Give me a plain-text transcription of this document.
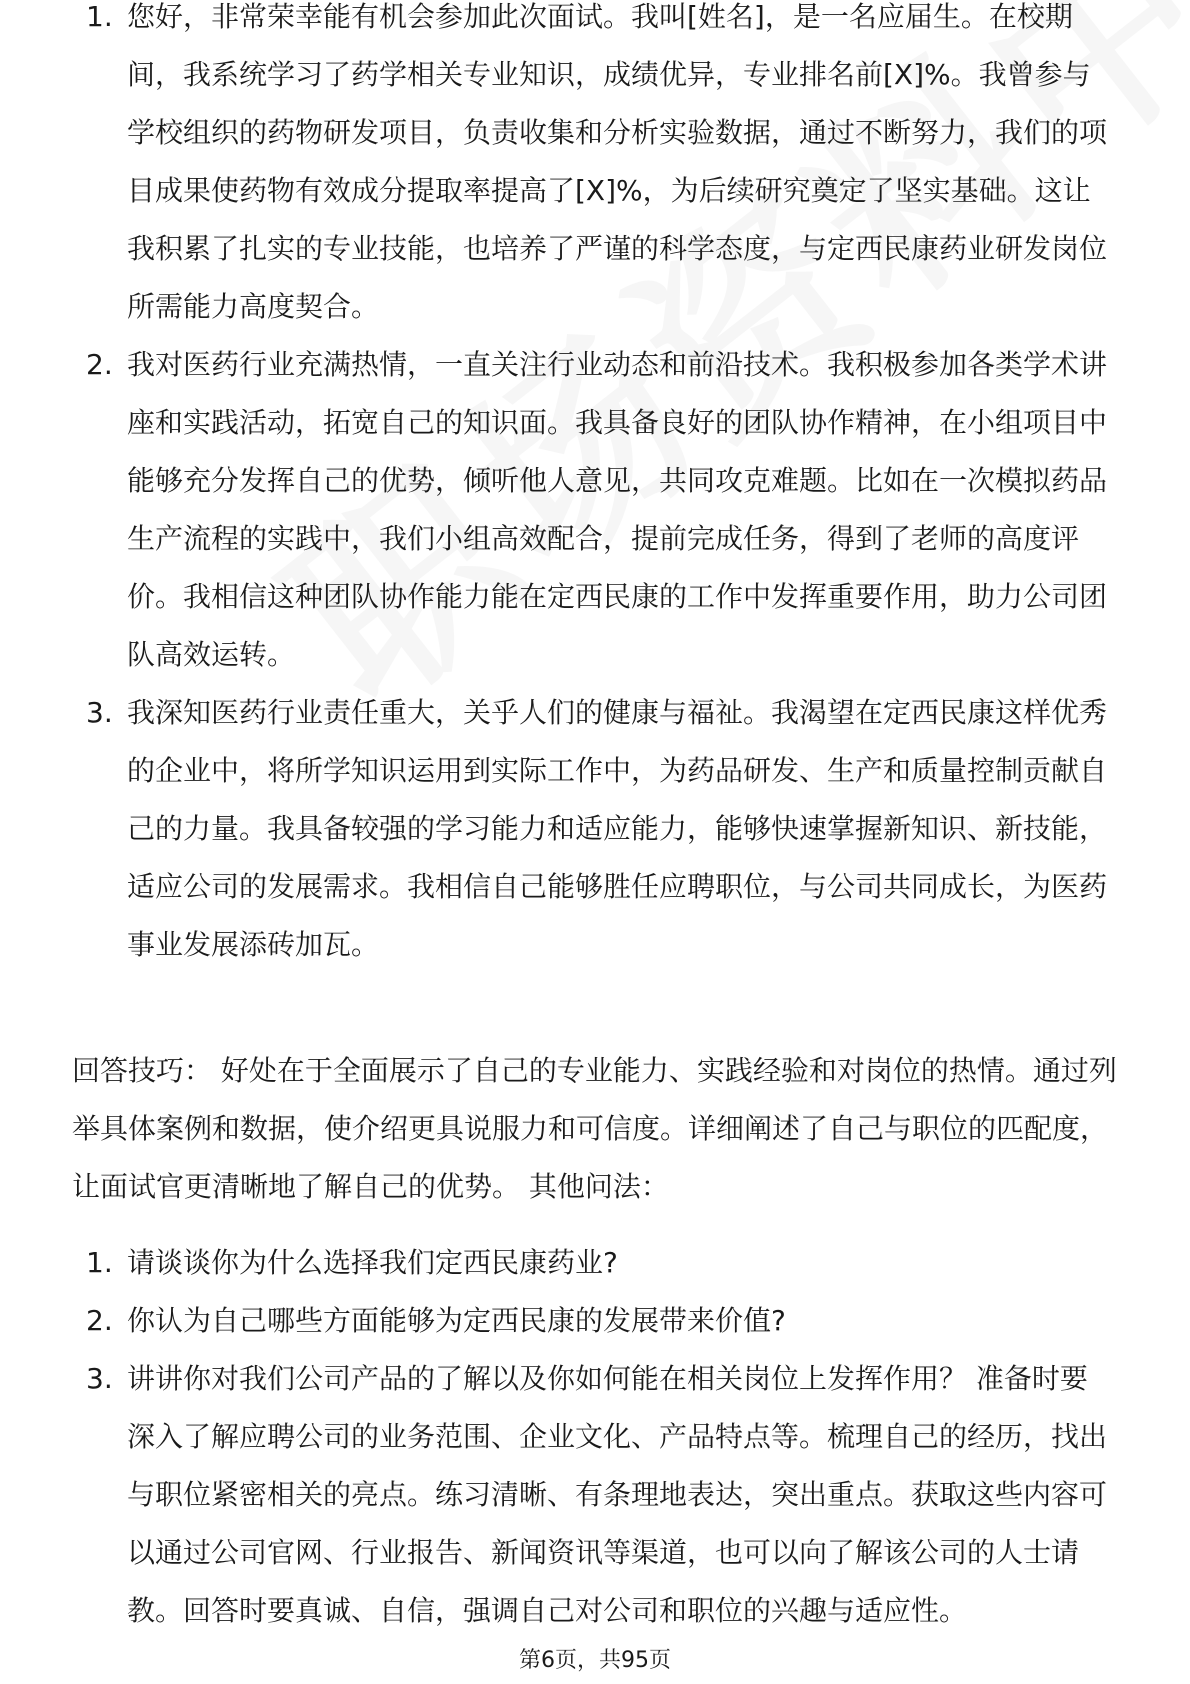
1. 您好，非常荣幸能有机会参加此次面试。我叫[姓名]，是一名应届生。在校期间，我系统学习了药学相关专业知识，成绩优异，专业排名前[X]%。我曾参与学校组织的药物研发项目，负责收集和分析实验数据，通过不断努力，我们的项目成果使药物有效成分提取率提高了[X]%，为后续研究奠定了坚实基础。这让我积累了扎实的专业技能，也培养了严谨的科学态度，与定西民康药业研发岗位所需能力高度契合。
2. 我对医药行业充满热情，一直关注行业动态和前沿技术。我积极参加各类学术讲座和实践活动，拓宽自己的知识面。我具备良好的团队协作精神，在小组项目中能够充分发挥自己的优势，倾听他人意见，共同攻克难题。比如在一次模拟药品生产流程的实践中，我们小组高效配合，提前完成任务，得到了老师的高度评价。我相信这种团队协作能力能在定西民康的工作中发挥重要作用，助力公司团队高效运转。
3. 我深知医药行业责任重大，关乎人们的健康与福祉。我渴望在定西民康这样优秀的企业中，将所学知识运用到实际工作中，为药品研发、生产和质量控制贡献自己的力量。我具备较强的学习能力和适应能力，能够快速掌握新知识、新技能，适应公司的发展需求。我相信自己能够胜任应聘职位，与公司共同成长，为医药事业发展添砖加瓦。

回答技巧： 好处在于全面展示了自己的专业能力、实践经验和对岗位的热情。通过列举具体案例和数据，使介绍更具说服力和可信度。详细阐述了自己与职位的匹配度，让面试官更清晰地了解自己的优势。 其他问法：

1. 请谈谈你为什么选择我们定西民康药业?
2. 你认为自己哪些方面能够为定西民康的发展带来价值?
3. 讲讲你对我们公司产品的了解以及你如何能在相关岗位上发挥作用？ 准备时要深入了解应聘公司的业务范围、企业文化、产品特点等。梳理自己的经历，找出与职位紧密相关的亮点。练习清晰、有条理地表达，突出重点。获取这些内容可以通过公司官网、行业报告、新闻资讯等渠道，也可以向了解该公司的人士请教。回答时要真诚、自信，强调自己对公司和职位的兴趣与适应性。
第6页，共95页
